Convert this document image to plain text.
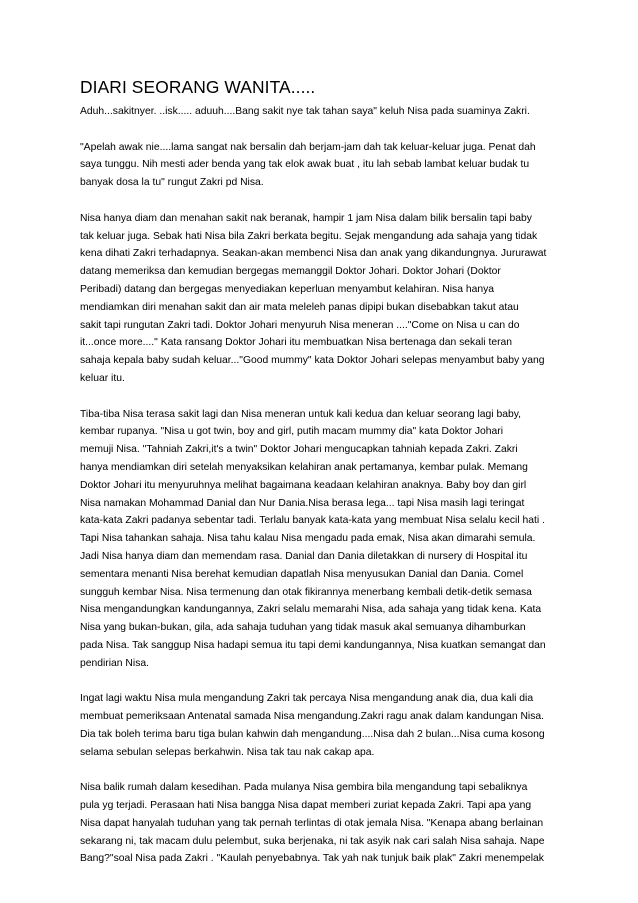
DIARI SEORANG WANITA.....

Aduh...sakitnyer. ..isk..... aduuh....Bang sakit nye tak tahan saya" keluh Nisa pada suaminya Zakri.

"Apelah awak nie....lama sangat nak bersalin dah berjam-jam dah tak keluar-keluar juga. Penat dah
saya tunggu. Nih mesti ader benda yang tak elok awak buat , itu lah sebab lambat keluar budak tu
banyak dosa la tu" rungut Zakri pd Nisa.

Nisa hanya diam dan menahan sakit nak beranak, hampir 1 jam Nisa dalam bilik bersalin tapi baby
tak keluar juga. Sebak hati Nisa bila Zakri berkata begitu. Sejak mengandung ada sahaja yang tidak
kena dihati Zakri terhadapnya. Seakan-akan membenci Nisa dan anak yang dikandungnya. Jururawat
datang memeriksa dan kemudian bergegas memanggil Doktor Johari. Doktor Johari (Doktor
Peribadi) datang dan bergegas menyediakan keperluan menyambut kelahiran. Nisa hanya
mendiamkan diri menahan sakit dan air mata meleleh panas dipipi bukan disebabkan takut atau
sakit tapi rungutan Zakri tadi. Doktor Johari menyuruh Nisa meneran ...."Come on Nisa u can do
it...once more...." Kata ransang Doktor Johari itu membuatkan Nisa bertenaga dan sekali teran
sahaja kepala baby sudah keluar..."Good mummy" kata Doktor Johari selepas menyambut baby yang
keluar itu.

Tiba-tiba Nisa terasa sakit lagi dan Nisa meneran untuk kali kedua dan keluar seorang lagi baby,
kembar rupanya. "Nisa u got twin, boy and girl, putih macam mummy dia" kata Doktor Johari
memuji Nisa. "Tahniah Zakri,it's a twin" Doktor Johari mengucapkan tahniah kepada Zakri. Zakri
hanya mendiamkan diri setelah menyaksikan kelahiran anak pertamanya, kembar pulak. Memang
Doktor Johari itu menyuruhnya melihat bagaimana keadaan kelahiran anaknya. Baby boy dan girl
Nisa namakan Mohammad Danial dan Nur Dania.Nisa berasa lega... tapi Nisa masih lagi teringat
kata-kata Zakri padanya sebentar tadi. Terlalu banyak kata-kata yang membuat Nisa selalu kecil hati .
Tapi Nisa tahankan sahaja. Nisa tahu kalau Nisa mengadu pada emak, Nisa akan dimarahi semula.
Jadi Nisa hanya diam dan memendam rasa. Danial dan Dania diletakkan di nursery di Hospital itu
sementara menanti Nisa berehat kemudian dapatlah Nisa menyusukan Danial dan Dania. Comel
sungguh kembar Nisa. Nisa termenung dan otak fikirannya menerbang kembali detik-detik semasa
Nisa mengandungkan kandungannya, Zakri selalu memarahi Nisa, ada sahaja yang tidak kena. Kata
Nisa yang bukan-bukan, gila, ada sahaja tuduhan yang tidak masuk akal semuanya dihamburkan
pada Nisa. Tak sanggup Nisa hadapi semua itu tapi demi kandungannya, Nisa kuatkan semangat dan
pendirian Nisa.

Ingat lagi waktu Nisa mula mengandung Zakri tak percaya Nisa mengandung anak dia, dua kali dia
membuat pemeriksaan Antenatal samada Nisa mengandung.Zakri ragu anak dalam kandungan Nisa.
Dia tak boleh terima baru tiga bulan kahwin dah mengandung....Nisa dah 2 bulan...Nisa cuma kosong
selama sebulan selepas berkahwin. Nisa tak tau nak cakap apa.

Nisa balik rumah dalam kesedihan. Pada mulanya Nisa gembira bila mengandung tapi sebaliknya
pula yg terjadi. Perasaan hati Nisa bangga Nisa dapat memberi zuriat kepada Zakri. Tapi apa yang
Nisa dapat hanyalah tuduhan yang tak pernah terlintas di otak jemala Nisa. "Kenapa abang berlainan
sekarang ni, tak macam dulu pelembut, suka berjenaka, ni tak asyik nak cari salah Nisa sahaja. Nape
Bang?"soal Nisa pada Zakri . "Kaulah penyebabnya. Tak yah nak tunjuk baik plak" Zakri menempelak
